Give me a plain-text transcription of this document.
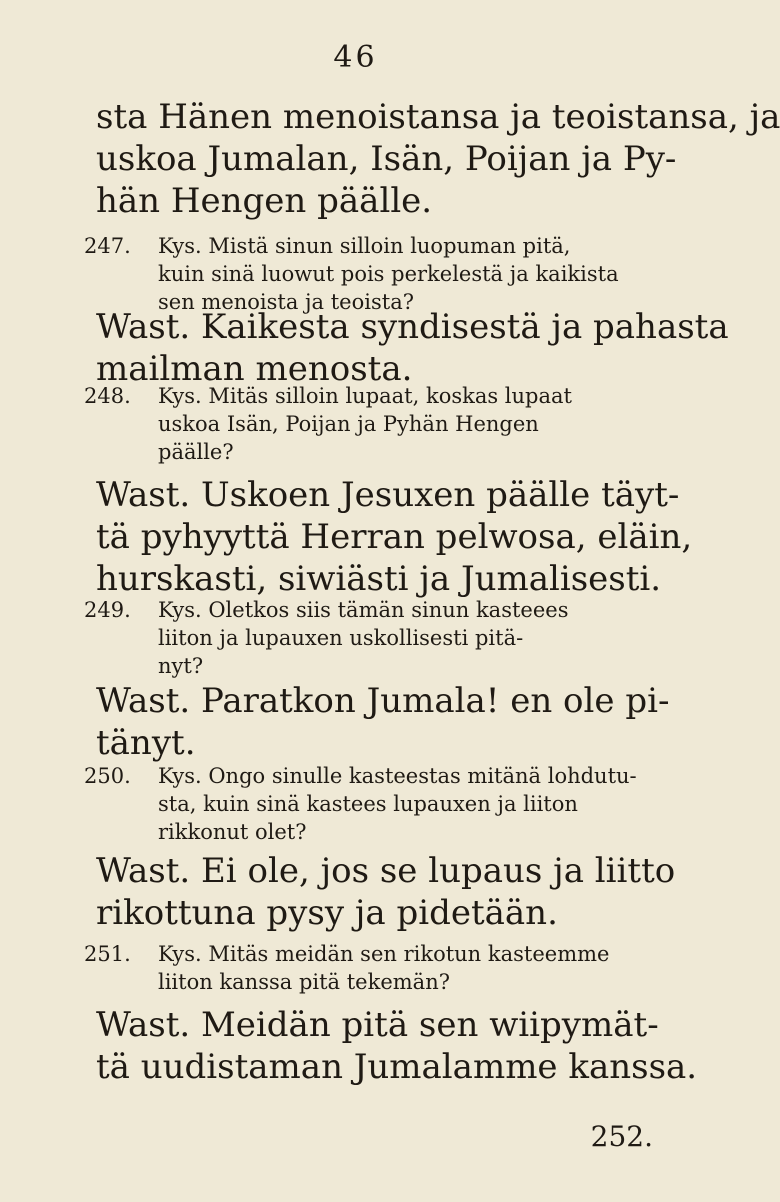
46
sta Hänen menoistansa ja teoistansa, ja
uskoa Jumalan, Isän, Poijan ja Py-
hän Hengen päälle.
247.	Kys. Mistä sinun silloin luopuman pitä,
kuin sinä luowut pois perkelestä ja kaikista
sen menoista ja teoista?
Wast. Kaikesta syndisestä ja pahasta
mailman menosta.
248.	Kys. Mitäs silloin lupaat, koskas lupaat
uskoa Isän, Poijan ja Pyhän Hengen
päälle?
Wast. Uskoen Jesuxen päälle täyt-
tä pyhyyttä Herran pelwosa, eläin,
hurskasti, siwiästi ja Jumalisesti.
249.	Kys. Oletkos siis tämän sinun kasteees
liiton ja lupauxen uskollisesti pitä-
nyt?
Wast. Paratkon Jumala! en ole pi-
tänyt.
250.	Kys. Ongo sinulle kasteestas mitänä lohdutu-
sta, kuin sinä kastees lupauxen ja liiton
rikkonut olet?
Wast. Ei ole, jos se lupaus ja liitto
rikottuna pysy ja pidetään.
251.	Kys. Mitäs meidän sen rikotun kasteemme
liiton kanssa pitä tekemän?
Wast. Meidän pitä sen wiipymät-
tä uudistaman Jumalamme kanssa.
252.
